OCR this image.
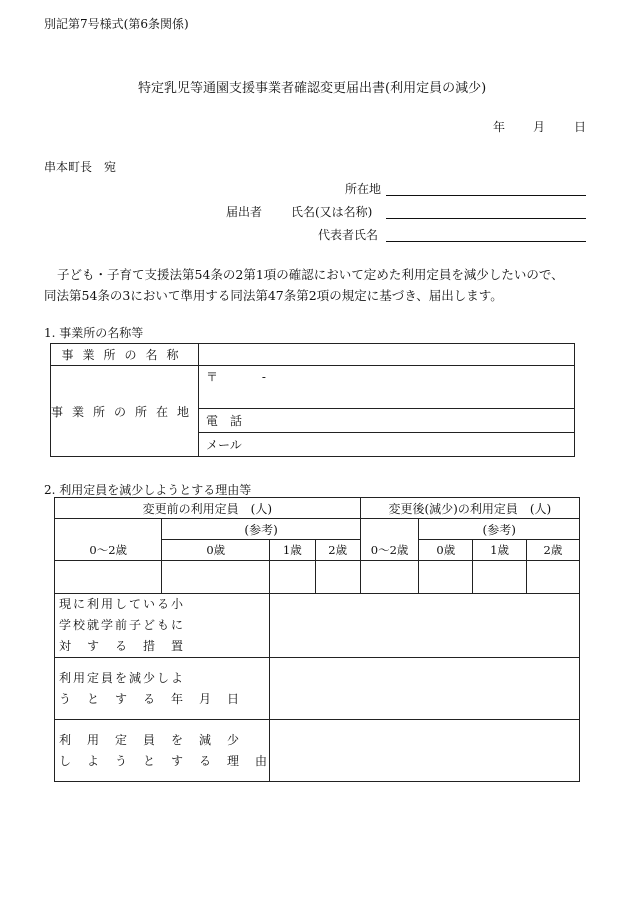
別記第7号様式(第6条関係)
特定乳児等通園支援事業者確認変更届出書(利用定員の減少)
年 月 日
串本町長　宛
所在地
届出者 氏名(又は名称)
代表者氏名
子ども・子育て支援法第54条の2第1項の確認において定めた利用定員を減少したいので、
同法第54条の3において準用する同法第47条第2項の規定に基づき、届出します。
1. 事業所の名称等
事業所の名称	
事業所の所在地	〒 -
	電　話
	メール
2. 利用定員を減少しようとする理由等
変更前の利用定員　(人)				変更後(減少)の利用定員　(人)			
0〜2歳	(参考)			0〜2歳	(参考)		
	0歳	1歳	2歳		0歳	1歳	2歳

現に利用している小
学校就学前子どもに
対　す　る　措　置							

利用定員を減少しよ
う　と　す　る　年　月　日							

利　用　定　員　を　減　少
し　よ　う　と　す　る　理　由							
